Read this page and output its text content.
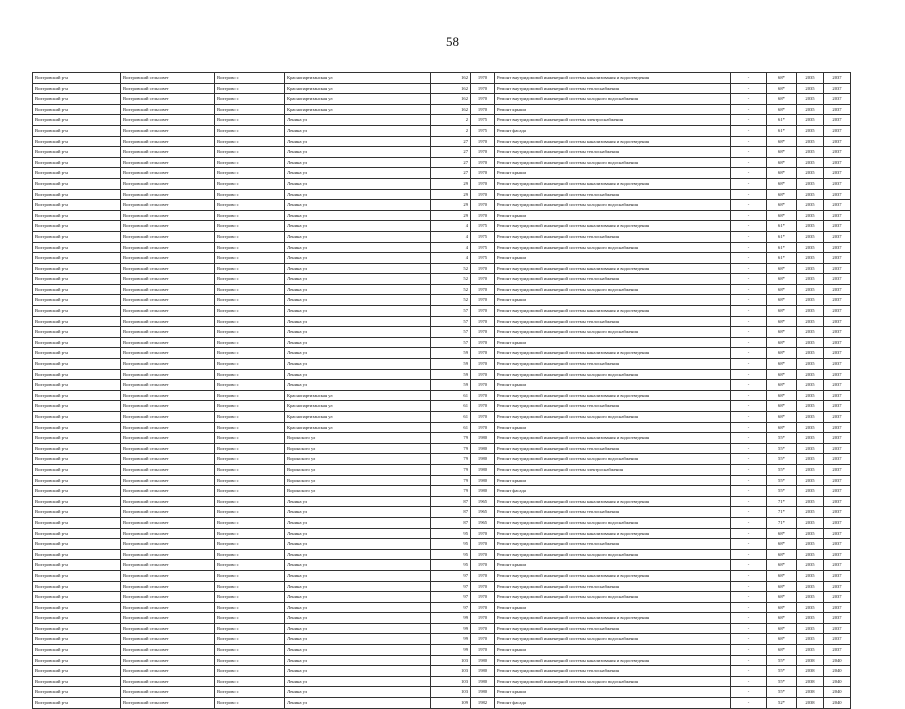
58
Вохтровский р-н	Вохтровский сельсовет	Вохтрово с	Краснопартизанская ул	162	1970	Ремонт внутридомовой инженерной системы канализования и водоотведения	-	68*	2035	2037
Вохтровский р-н	Вохтровский сельсовет	Вохтрово с	Краснопартизанская ул	162	1970	Ремонт внутридомовой инженерной системы теплоснабжения	-	68*	2035	2037
Вохтровский р-н	Вохтровский сельсовет	Вохтрово с	Краснопартизанская ул	162	1970	Ремонт внутридомовой инженерной системы холодного водоснабжения	-	68*	2035	2037
Вохтровский р-н	Вохтровский сельсовет	Вохтрово с	Краснопартизанская ул	162	1970	Ремонт крыши	-	68*	2035	2037
Вохтровский р-н	Вохтровский сельсовет	Вохтрово с	Ленина ул	2	1975	Ремонт внутридомовой инженерной системы электроснабжения	-	61*	2035	2037
Вохтровский р-н	Вохтровский сельсовет	Вохтрово с	Ленина ул	2	1975	Ремонт фасада	-	61*	2035	2037
Вохтровский р-н	Вохтровский сельсовет	Вохтрово с	Ленина ул	27	1970	Ремонт внутридомовой инженерной системы канализования и водоотведения	-	68*	2035	2037
Вохтровский р-н	Вохтровский сельсовет	Вохтрово с	Ленина ул	27	1970	Ремонт внутридомовой инженерной системы теплоснабжения	-	68*	2035	2037
Вохтровский р-н	Вохтровский сельсовет	Вохтрово с	Ленина ул	27	1970	Ремонт внутридомовой инженерной системы холодного водоснабжения	-	68*	2035	2037
Вохтровский р-н	Вохтровский сельсовет	Вохтрово с	Ленина ул	27	1970	Ремонт крыши	-	68*	2035	2037
Вохтровский р-н	Вохтровский сельсовет	Вохтрово с	Ленина ул	29	1970	Ремонт внутридомовой инженерной системы канализования и водоотведения	-	68*	2035	2037
Вохтровский р-н	Вохтровский сельсовет	Вохтрово с	Ленина ул	29	1970	Ремонт внутридомовой инженерной системы теплоснабжения	-	68*	2035	2037
Вохтровский р-н	Вохтровский сельсовет	Вохтрово с	Ленина ул	29	1970	Ремонт внутридомовой инженерной системы холодного водоснабжения	-	68*	2035	2037
Вохтровский р-н	Вохтровский сельсовет	Вохтрово с	Ленина ул	29	1970	Ремонт крыши	-	68*	2035	2037
Вохтровский р-н	Вохтровский сельсовет	Вохтрово с	Ленина ул	4	1975	Ремонт внутридомовой инженерной системы канализования и водоотведения	-	61*	2035	2037
Вохтровский р-н	Вохтровский сельсовет	Вохтрово с	Ленина ул	4	1975	Ремонт внутридомовой инженерной системы теплоснабжения	-	61*	2035	2037
Вохтровский р-н	Вохтровский сельсовет	Вохтрово с	Ленина ул	4	1975	Ремонт внутридомовой инженерной системы холодного водоснабжения	-	61*	2035	2037
Вохтровский р-н	Вохтровский сельсовет	Вохтрово с	Ленина ул	4	1975	Ремонт крыши	-	61*	2035	2037
Вохтровский р-н	Вохтровский сельсовет	Вохтрово с	Ленина ул	52	1970	Ремонт внутридомовой инженерной системы канализования и водоотведения	-	68*	2035	2037
Вохтровский р-н	Вохтровский сельсовет	Вохтрово с	Ленина ул	52	1970	Ремонт внутридомовой инженерной системы теплоснабжения	-	68*	2035	2037
Вохтровский р-н	Вохтровский сельсовет	Вохтрово с	Ленина ул	52	1970	Ремонт внутридомовой инженерной системы холодного водоснабжения	-	68*	2035	2037
Вохтровский р-н	Вохтровский сельсовет	Вохтрово с	Ленина ул	52	1970	Ремонт крыши	-	68*	2035	2037
Вохтровский р-н	Вохтровский сельсовет	Вохтрово с	Ленина ул	57	1970	Ремонт внутридомовой инженерной системы канализования и водоотведения	-	68*	2035	2037
Вохтровский р-н	Вохтровский сельсовет	Вохтрово с	Ленина ул	57	1970	Ремонт внутридомовой инженерной системы теплоснабжения	-	68*	2035	2037
Вохтровский р-н	Вохтровский сельсовет	Вохтрово с	Ленина ул	57	1970	Ремонт внутридомовой инженерной системы холодного водоснабжения	-	68*	2035	2037
Вохтровский р-н	Вохтровский сельсовет	Вохтрово с	Ленина ул	57	1970	Ремонт крыши	-	68*	2035	2037
Вохтровский р-н	Вохтровский сельсовет	Вохтрово с	Ленина ул	59	1970	Ремонт внутридомовой инженерной системы канализования и водоотведения	-	68*	2035	2037
Вохтровский р-н	Вохтровский сельсовет	Вохтрово с	Ленина ул	59	1970	Ремонт внутридомовой инженерной системы теплоснабжения	-	68*	2035	2037
Вохтровский р-н	Вохтровский сельсовет	Вохтрово с	Ленина ул	59	1970	Ремонт внутридомовой инженерной системы холодного водоснабжения	-	68*	2035	2037
Вохтровский р-н	Вохтровский сельсовет	Вохтрово с	Ленина ул	59	1970	Ремонт крыши	-	68*	2035	2037
Вохтровский р-н	Вохтровский сельсовет	Вохтрово с	Краснопартизанская ул	61	1970	Ремонт внутридомовой инженерной системы канализования и водоотведения	-	68*	2035	2037
Вохтровский р-н	Вохтровский сельсовет	Вохтрово с	Краснопартизанская ул	61	1970	Ремонт внутридомовой инженерной системы теплоснабжения	-	68*	2035	2037
Вохтровский р-н	Вохтровский сельсовет	Вохтрово с	Краснопартизанская ул	61	1970	Ремонт внутридомовой инженерной системы холодного водоснабжения	-	68*	2035	2037
Вохтровский р-н	Вохтровский сельсовет	Вохтрово с	Краснопартизанская ул	61	1970	Ремонт крыши	-	68*	2035	2037
Вохтровский р-н	Вохтровский сельсовет	Вохтрово с	Воронского ул	79	1980	Ремонт внутридомовой инженерной системы канализования и водоотведения	-	55*	2035	2037
Вохтровский р-н	Вохтровский сельсовет	Вохтрово с	Воронского ул	79	1980	Ремонт внутридомовой инженерной системы теплоснабжения	-	55*	2035	2037
Вохтровский р-н	Вохтровский сельсовет	Вохтрово с	Воронского ул	79	1980	Ремонт внутридомовой инженерной системы холодного водоснабжения	-	55*	2035	2037
Вохтровский р-н	Вохтровский сельсовет	Вохтрово с	Воронского ул	79	1980	Ремонт внутридомовой инженерной системы электроснабжения	-	55*	2035	2037
Вохтровский р-н	Вохтровский сельсовет	Вохтрово с	Воронского ул	79	1980	Ремонт крыши	-	55*	2035	2037
Вохтровский р-н	Вохтровский сельсовет	Вохтрово с	Воронского ул	79	1980	Ремонт фасада	-	55*	2035	2037
Вохтровский р-н	Вохтровский сельсовет	Вохтрово с	Ленина ул	87	1965	Ремонт внутридомовой инженерной системы канализования и водоотведения	-	71*	2035	2037
Вохтровский р-н	Вохтровский сельсовет	Вохтрово с	Ленина ул	87	1965	Ремонт внутридомовой инженерной системы теплоснабжения	-	71*	2035	2037
Вохтровский р-н	Вохтровский сельсовет	Вохтрово с	Ленина ул	87	1965	Ремонт внутридомовой инженерной системы холодного водоснабжения	-	71*	2035	2037
Вохтровский р-н	Вохтровский сельсовет	Вохтрово с	Ленина ул	95	1970	Ремонт внутридомовой инженерной системы канализования и водоотведения	-	68*	2035	2037
Вохтровский р-н	Вохтровский сельсовет	Вохтрово с	Ленина ул	95	1970	Ремонт внутридомовой инженерной системы теплоснабжения	-	68*	2035	2037
Вохтровский р-н	Вохтровский сельсовет	Вохтрово с	Ленина ул	95	1970	Ремонт внутридомовой инженерной системы холодного водоснабжения	-	68*	2035	2037
Вохтровский р-н	Вохтровский сельсовет	Вохтрово с	Ленина ул	95	1970	Ремонт крыши	-	68*	2035	2037
Вохтровский р-н	Вохтровский сельсовет	Вохтрово с	Ленина ул	97	1970	Ремонт внутридомовой инженерной системы канализования и водоотведения	-	68*	2035	2037
Вохтровский р-н	Вохтровский сельсовет	Вохтрово с	Ленина ул	97	1970	Ремонт внутридомовой инженерной системы теплоснабжения	-	68*	2035	2037
Вохтровский р-н	Вохтровский сельсовет	Вохтрово с	Ленина ул	97	1970	Ремонт внутридомовой инженерной системы холодного водоснабжения	-	68*	2035	2037
Вохтровский р-н	Вохтровский сельсовет	Вохтрово с	Ленина ул	97	1970	Ремонт крыши	-	68*	2035	2037
Вохтровский р-н	Вохтровский сельсовет	Вохтрово с	Ленина ул	99	1970	Ремонт внутридомовой инженерной системы канализования и водоотведения	-	68*	2035	2037
Вохтровский р-н	Вохтровский сельсовет	Вохтрово с	Ленина ул	99	1970	Ремонт внутридомовой инженерной системы теплоснабжения	-	68*	2035	2037
Вохтровский р-н	Вохтровский сельсовет	Вохтрово с	Ленина ул	99	1970	Ремонт внутридомовой инженерной системы холодного водоснабжения	-	68*	2035	2037
Вохтровский р-н	Вохтровский сельсовет	Вохтрово с	Ленина ул	99	1970	Ремонт крыши	-	68*	2035	2037
Вохтровский р-н	Вохтровский сельсовет	Вохтрово с	Ленина ул	103	1980	Ремонт внутридомовой инженерной системы канализования и водоотведения	-	55*	2038	2040
Вохтровский р-н	Вохтровский сельсовет	Вохтрово с	Ленина ул	103	1980	Ремонт внутридомовой инженерной системы теплоснабжения	-	55*	2038	2040
Вохтровский р-н	Вохтровский сельсовет	Вохтрово с	Ленина ул	103	1980	Ремонт внутридомовой инженерной системы холодного водоснабжения	-	55*	2038	2040
Вохтровский р-н	Вохтровский сельсовет	Вохтрово с	Ленина ул	103	1980	Ремонт крыши	-	55*	2038	2040
Вохтровский р-н	Вохтровский сельсовет	Вохтрово с	Ленина ул	109	1982	Ремонт фасада	-	52*	2038	2040
